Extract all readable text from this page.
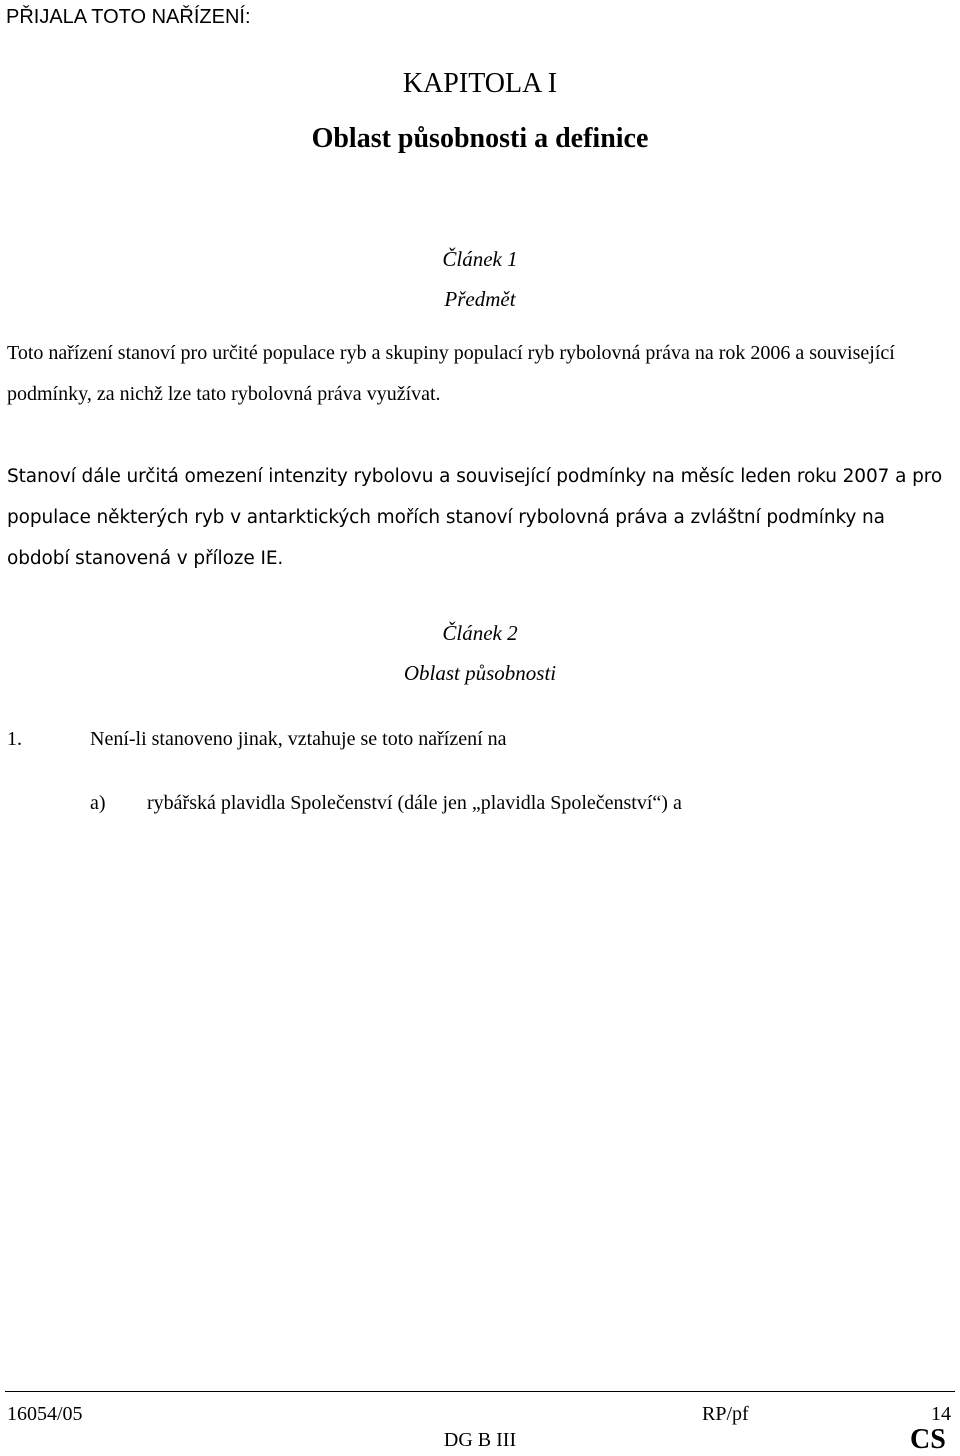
PŘIJALA TOTO NAŘÍZENÍ:
KAPITOLA I
Oblast působnosti a definice
Článek 1
Předmět
Toto nařízení stanoví pro určité populace ryb a skupiny populací ryb rybolovná práva na rok 2006 a související podmínky, za nichž lze tato rybolovná práva využívat.
Stanoví dále určitá omezení intenzity rybolovu a související podmínky na měsíc leden roku 2007 a pro populace některých ryb v antarktických mořích stanoví rybolovná práva a zvláštní podmínky na období stanovená v příloze IE.
Článek 2
Oblast působnosti
1.	Není-li stanoveno jinak, vztahuje se toto nařízení na
a) rybářská plavidla Společenství (dále jen „plavidla Společenství“) a
16054/05	RP/pf	14
DG B III	CS
